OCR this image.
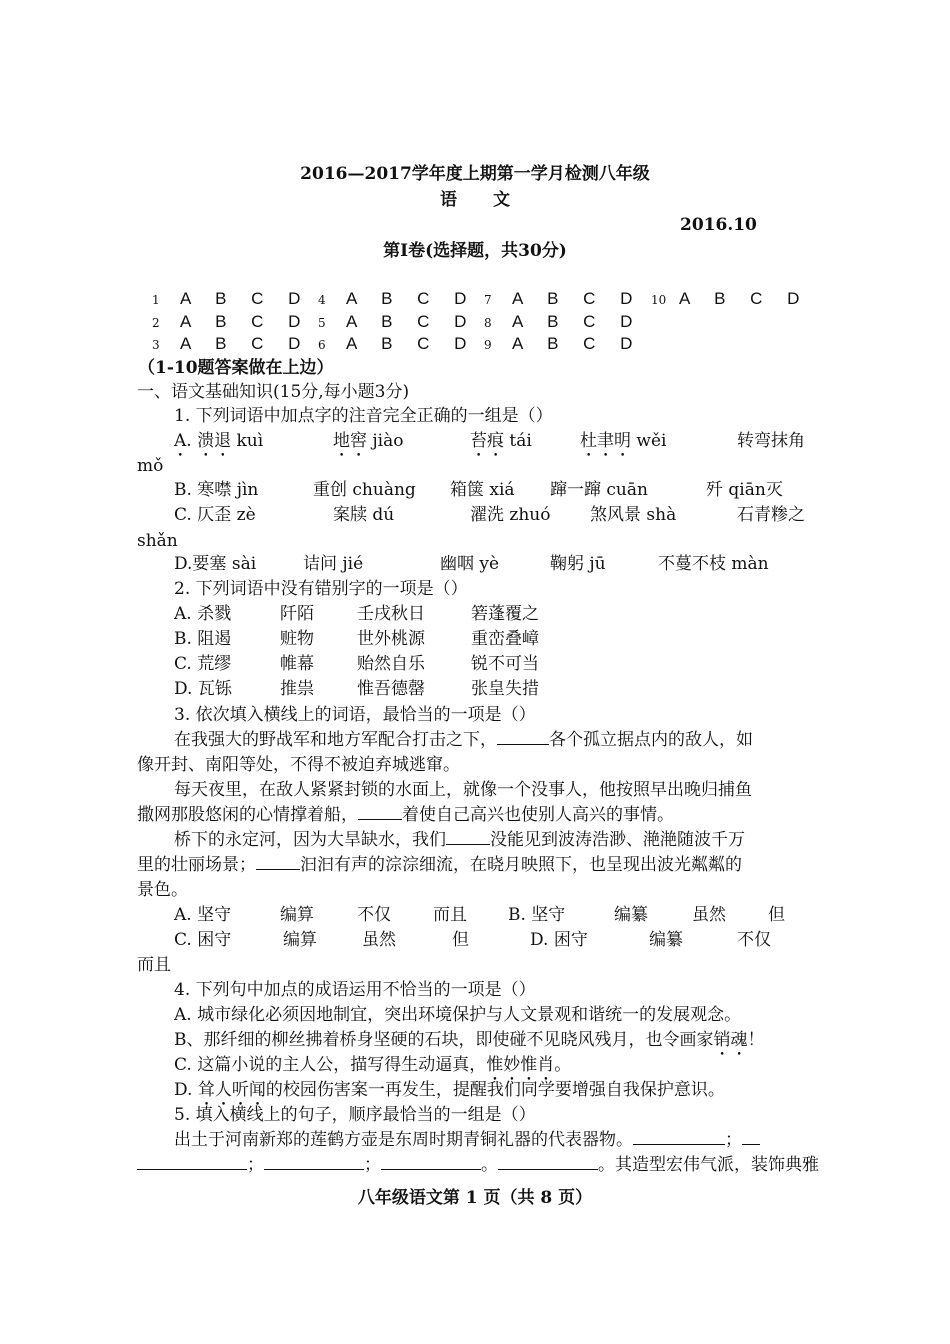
2016—2017学年度上期第一学月检测八年级
语 文
2016.10
第Ⅰ卷(选择题，共30分)
1 A B C D
2 A B C D
3 A B C D
4 A B C D
5 A B C D
6 A B C D
7 A B C D
8 A B C D
9 A B C D
10 A B C D
（1-10题答案做在上边）
一、语文基础知识(15分,每小题3分)
1. 下列词语中加点字的注音完全正确的一组是（）
A. 溃退 kuì	地窖 jiào	苔痕 tái	杜聿明 wěi	转弯抹角
mǒ
B. 寒噤 jìn	重创 chuàng 箱箧 xiá 蹿一蹿 cuān	歼 qiān灭
C. 仄歪 zè	案牍 dú	濯洗 zhuó 煞风景 shà	石青糁之
shǎn
D.要塞 sài	诘问 jié	幽咽 yè	鞠躬 jū	不蔓不枝 màn
2. 下列词语中没有错别字的一项是（）
A. 杀戮	阡陌	壬戌秋日	箬蓬覆之
B. 阻遏	赃物	世外桃源	重峦叠嶂
C. 荒缪	帷幕	贻然自乐	锐不可当
D. 瓦铄	推祟	惟吾德罄	张皇失措
3. 依次填入横线上的词语，最恰当的一项是（）
在我强大的野战军和地方军配合打击之下，	各个孤立据点内的敌人，如
像开封、南阳等处，不得不被迫弃城逃窜。
每天夜里，在敌人紧紧封锁的水面上，就像一个没事人，他按照早出晚归捕鱼
撒网那股悠闲的心情撑着船，	着使自己高兴也使别人高兴的事情。
桥下的永定河，因为大旱缺水，我们	没能见到波涛浩渺、滟滟随波千万
里的壮丽场景；	汩汩有声的淙淙细流，在晓月映照下，也呈现出波光粼粼的
景色。
A. 坚守	编算	不仅 而且 B. 坚守	编纂	虽然 但
C. 困守	编算	虽然	但	D. 困守	编纂	不仅
而且
4. 下列句中加点的成语运用不恰当的一项是（）
A. 城市绿化必须因地制宜，突出环境保护与人文景观和谐统一的发展观念。
B、那纤细的柳丝拂着桥身坚硬的石块，即使碰不见晓风残月，也令画家销魂！
C. 这篇小说的主人公，描写得生动逼真，惟妙惟肖。
D. 耸人听闻的校园伤害案一再发生，提醒我们同学要增强自我保护意识。
5. 填入横线上的句子，顺序最恰当的一组是（）
出土于河南新郑的莲鹤方壶是东周时期青铜礼器的代表器物。	；
；	；	。	。其造型宏伟气派，装饰典雅
八年级语文第 1 页（共 8 页）
